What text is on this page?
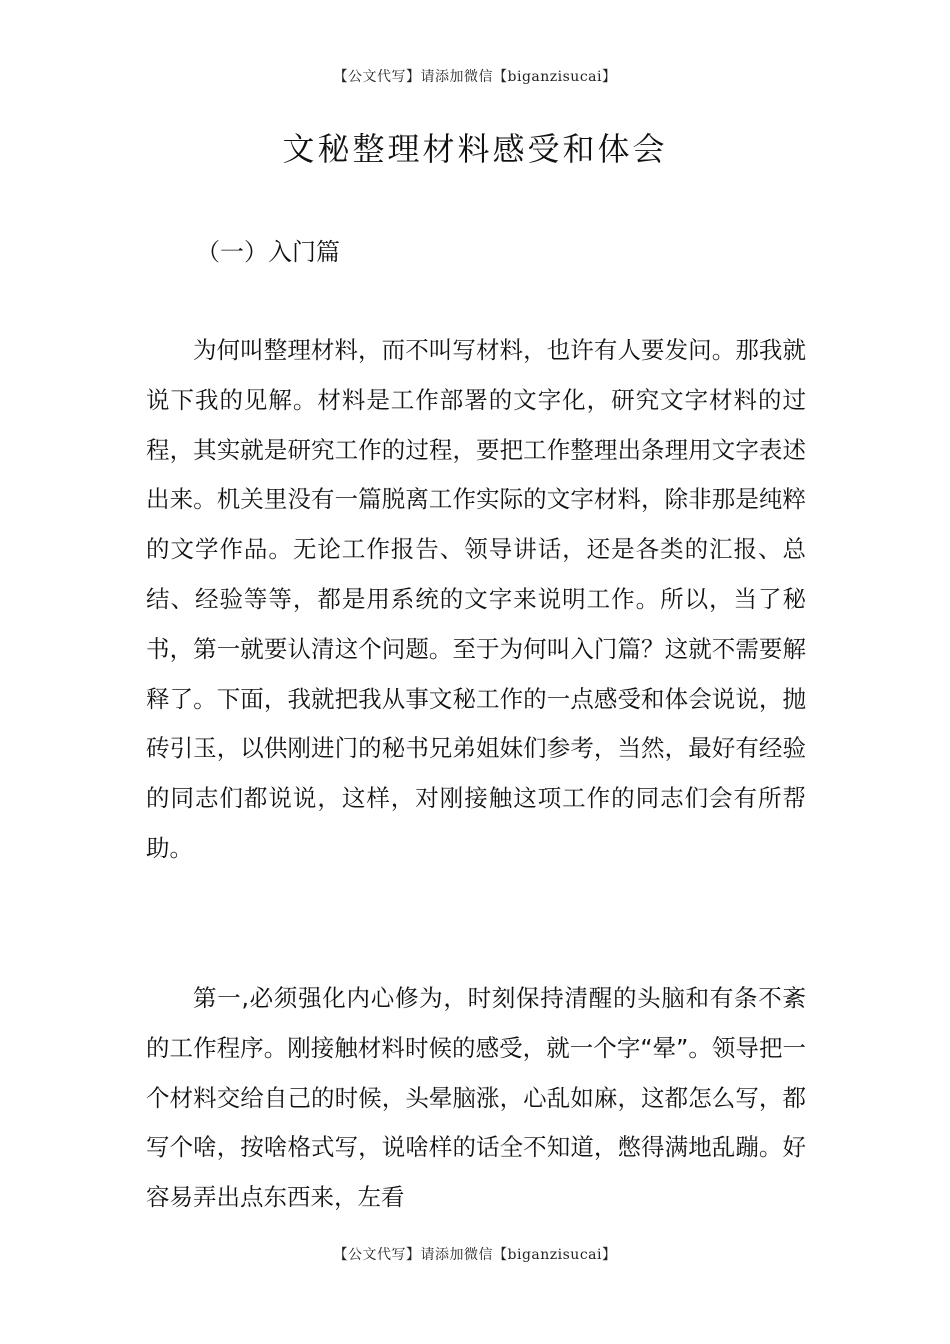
【公文代写】请添加微信【biganzisucai】
文秘整理材料感受和体会
（一）入门篇

为何叫整理材料，而不叫写材料，也许有人要发问。那我就说下我的见解。材料是工作部署的文字化，研究文字材料的过程，其实就是研究工作的过程，要把工作整理出条理用文字表述出来。机关里没有一篇脱离工作实际的文字材料，除非那是纯粹的文学作品。无论工作报告、领导讲话，还是各类的汇报、总结、经验等等，都是用系统的文字来说明工作。所以，当了秘书，第一就要认清这个问题。至于为何叫入门篇？这就不需要解释了。下面，我就把我从事文秘工作的一点感受和体会说说，抛砖引玉，以供刚进门的秘书兄弟姐妹们参考，当然，最好有经验的同志们都说说，这样，对刚接触这项工作的同志们会有所帮助。

第一,必须强化内心修为，时刻保持清醒的头脑和有条不紊的工作程序。刚接触材料时候的感受，就一个字“晕”。领导把一个材料交给自己的时候，头晕脑涨，心乱如麻，这都怎么写，都写个啥，按啥格式写，说啥样的话全不知道，憋得满地乱蹦。好容易弄出点东西来，左看

【公文代写】请添加微信【biganzisucai】
